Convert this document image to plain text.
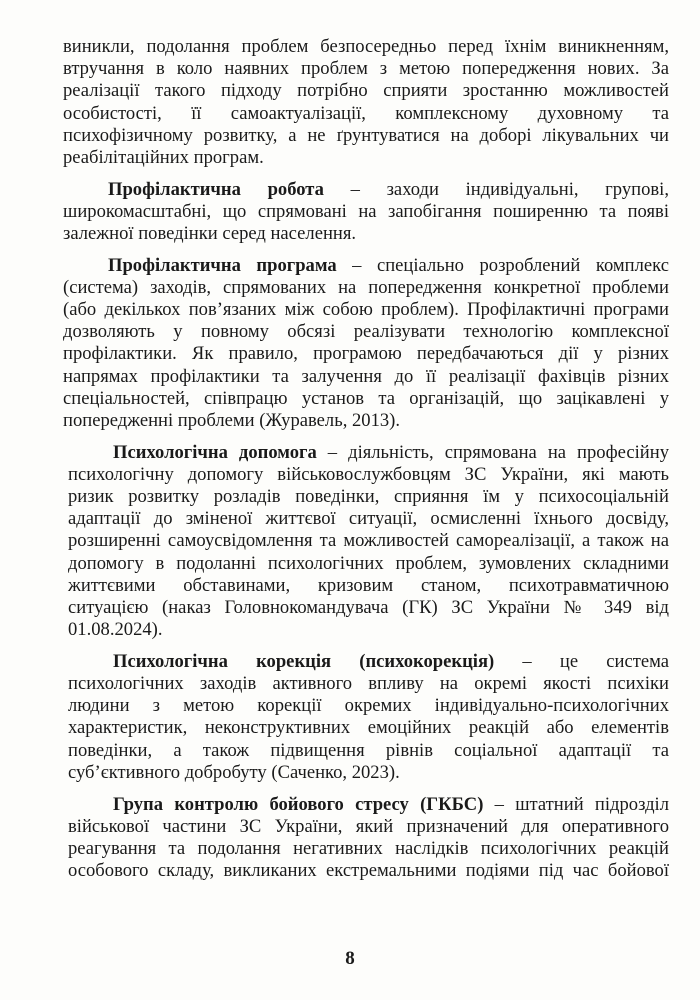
виникли, подолання проблем безпосередньо перед їхнім виникненням,
втручання в коло наявних проблем з метою попередження нових. За
реалізації такого підходу потрібно сприяти зростанню можливостей
особистості, її самоактуалізації, комплексному духовному та
психофізичному розвитку, а не ґрунтуватися на доборі лікувальних чи
реабілітаційних програм.
Профілактична робота – заходи індивідуальні, групові,
широкомасштабні, що спрямовані на запобігання поширенню та появі
залежної поведінки серед населення.
Профілактична програма – спеціально розроблений комплекс
(система) заходів, спрямованих на попередження конкретної проблеми
(або декількох пов’язаних між собою проблем). Профілактичні програми
дозволяють у повному обсязі реалізувати технологію комплексної
профілактики. Як правило, програмою передбачаються дії у різних
напрямах профілактики та залучення до її реалізації фахівців різних
спеціальностей, співпрацю установ та організацій, що зацікавлені у
попередженні проблеми (Журавель, 2013).
Психологічна допомога – діяльність, спрямована на професійну
психологічну допомогу військовослужбовцям ЗС України, які мають
ризик розвитку розладів поведінки, сприяння їм у психосоціальній
адаптації до зміненої життєвої ситуації, осмисленні їхнього досвіду,
розширенні самоусвідомлення та можливостей самореалізації, а також на
допомогу в подоланні психологічних проблем, зумовлених складними
життєвими обставинами, кризовим станом, психотравматичною
ситуацією (наказ Головнокомандувача (ГК) ЗС України № 349 від
01.08.2024).
Психологічна корекція (психокорекція) – це система
психологічних заходів активного впливу на окремі якості психіки
людини з метою корекції окремих індивідуально-психологічних
характеристик, неконструктивних емоційних реакцій або елементів
поведінки, а також підвищення рівнів соціальної адаптації та
суб’єктивного добробуту (Саченко, 2023).
Група контролю бойового стресу (ГКБС) – штатний підрозділ
військової частини ЗС України, який призначений для оперативного
реагування та подолання негативних наслідків психологічних реакцій
особового складу, викликаних екстремальними подіями під час бойової
8
